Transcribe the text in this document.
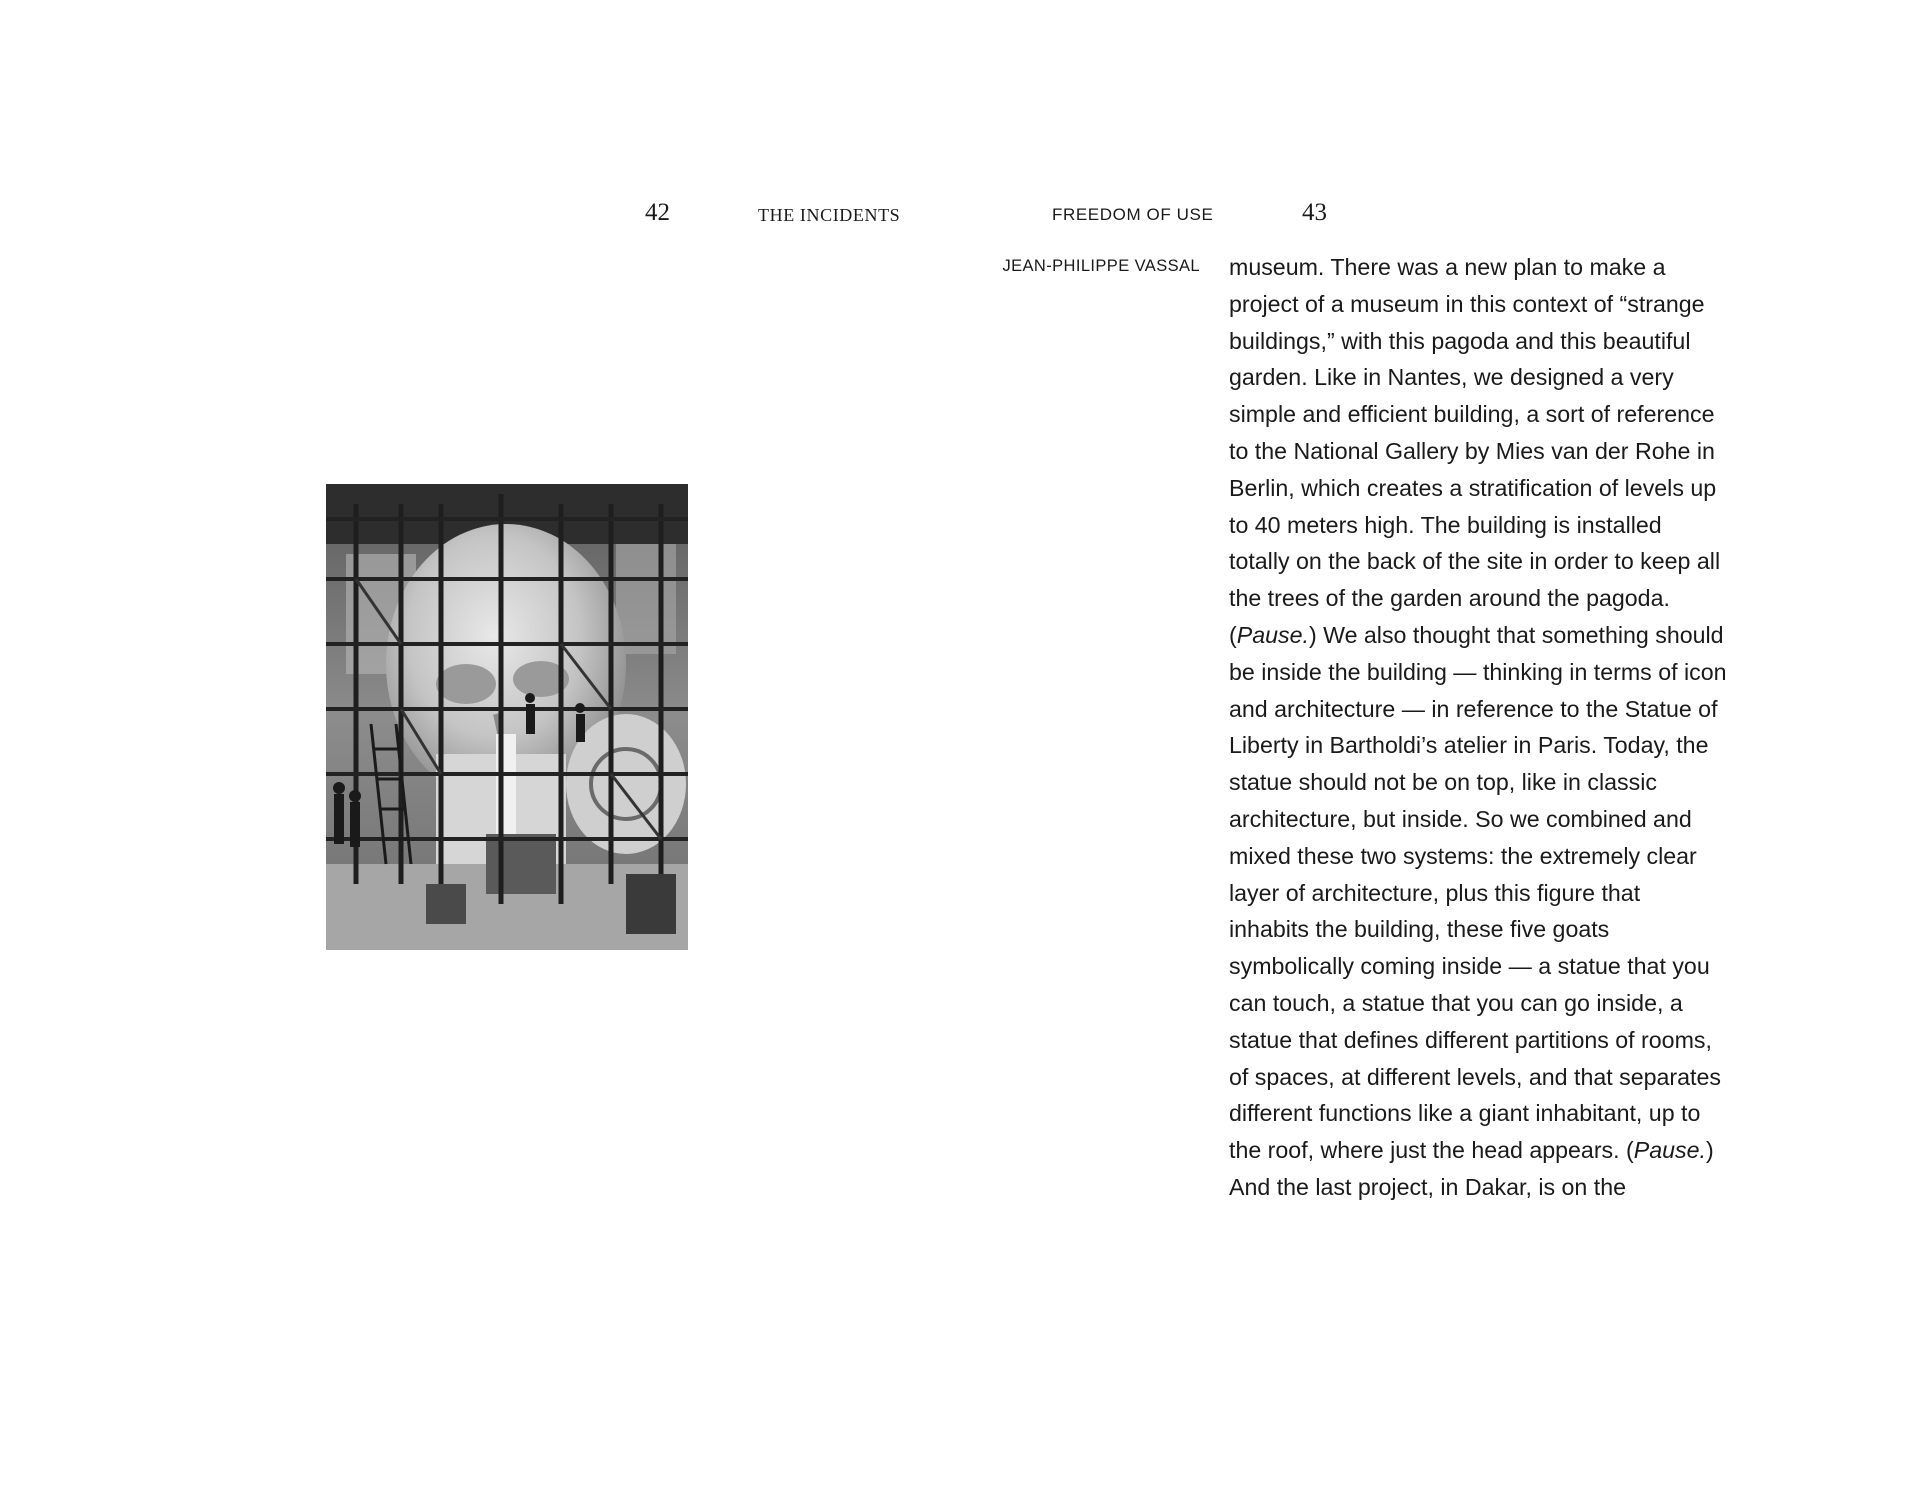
42	THE INCIDENTS	FREEDOM OF USE	43
JEAN-PHILIPPE VASSAL museum. There was a new plan to make a
project of a museum in this context of “strange
buildings,” with this pagoda and this beautiful
garden. Like in Nantes, we designed a very
simple and efficient building, a sort of reference
to the National Gallery by Mies van der Rohe in
Berlin, which creates a stratification of levels up
to 40 meters high. The building is installed
totally on the back of the site in order to keep all
the trees of the garden around the pagoda.
(Pause.) We also thought that something should
be inside the building — thinking in terms of icon
and architecture — in reference to the Statue of
Liberty in Bartholdi’s atelier in Paris. Today, the
statue should not be on top, like in classic
architecture, but inside. So we combined and
mixed these two systems: the extremely clear
layer of architecture, plus this figure that
inhabits the building, these five goats
symbolically coming inside — a statue that you
can touch, a statue that you can go inside, a
statue that defines different partitions of rooms,
of spaces, at different levels, and that separates
different functions like a giant inhabitant, up to
the roof, where just the head appears. (Pause.)
And the last project, in Dakar, is on the
